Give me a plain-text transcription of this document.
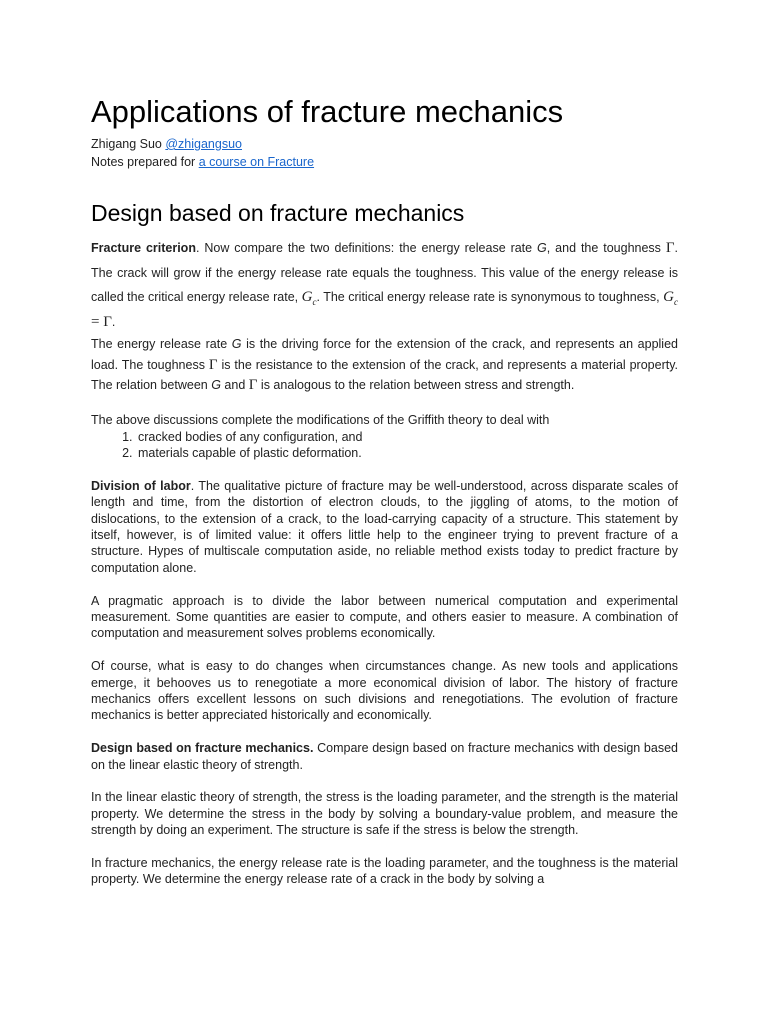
Applications of fracture mechanics
Zhigang Suo @zhigangsuo
Notes prepared for a course on Fracture
Design based on fracture mechanics

Fracture criterion. Now compare the two definitions: the energy release rate G, and the toughness Γ. The crack will grow if the energy release rate equals the toughness. This value of the energy release is called the critical energy release rate, $G_c$. The critical energy release rate is synonymous to toughness, $G_c = \Gamma$.

The energy release rate G is the driving force for the extension of the crack, and represents an applied load. The toughness Γ is the resistance to the extension of the crack, and represents a material property. The relation between G and Γ is analogous to the relation between stress and strength.

The above discussions complete the modifications of the Griffith theory to deal with

1. cracked bodies of any configuration, and
2. materials capable of plastic deformation.

Division of labor. The qualitative picture of fracture may be well-understood, across disparate scales of length and time, from the distortion of electron clouds, to the jiggling of atoms, to the motion of dislocations, to the extension of a crack, to the load-carrying capacity of a structure. This statement by itself, however, is of limited value: it offers little help to the engineer trying to prevent fracture of a structure. Hypes of multiscale computation aside, no reliable method exists today to predict fracture by computation alone.

A pragmatic approach is to divide the labor between numerical computation and experimental measurement. Some quantities are easier to compute, and others easier to measure. A combination of computation and measurement solves problems economically.

Of course, what is easy to do changes when circumstances change. As new tools and applications emerge, it behooves us to renegotiate a more economical division of labor. The history of fracture mechanics offers excellent lessons on such divisions and renegotiations. The evolution of fracture mechanics is better appreciated historically and economically.

Design based on fracture mechanics. Compare design based on fracture mechanics with design based on the linear elastic theory of strength.

In the linear elastic theory of strength, the stress is the loading parameter, and the strength is the material property. We determine the stress in the body by solving a boundary-value problem, and measure the strength by doing an experiment. The structure is safe if the stress is below the strength.

In fracture mechanics, the energy release rate is the loading parameter, and the toughness is the material property. We determine the energy release rate of a crack in the body by solving a
